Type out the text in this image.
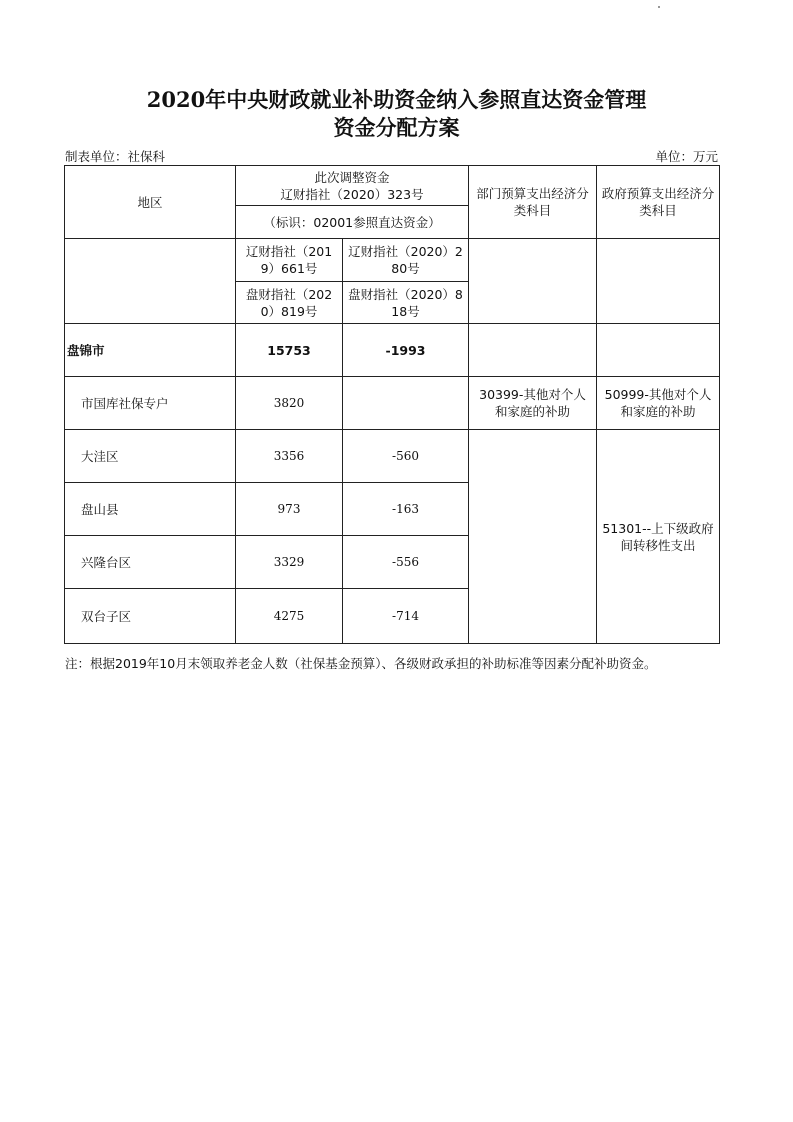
2020年中央财政就业补助资金纳入参照直达资金管理
资金分配方案
制表单位：社保科	单位：万元
地区	此次调整资金
辽财指社（2020）323号		部门预算支出经济分类科目	政府预算支出经济分类科目
	（标识：02001参照直达资金）			
	辽财指社（2019）661号	辽财指社（2020）280号		
	盘财指社（2020）819号	盘财指社（2020）818号		
盘锦市	15753	-1993		
市国库社保专户	3820		30399-其他对个人和家庭的补助	50999-其他对个人和家庭的补助
大洼区	3356	-560		51301--上下级政府间转移性支出
盘山县	973	-163		
兴隆台区	3329	-556		
双台子区	4275	-714		
注：根据2019年10月末领取养老金人数（社保基金预算）、各级财政承担的补助标准等因素分配补助资金。
